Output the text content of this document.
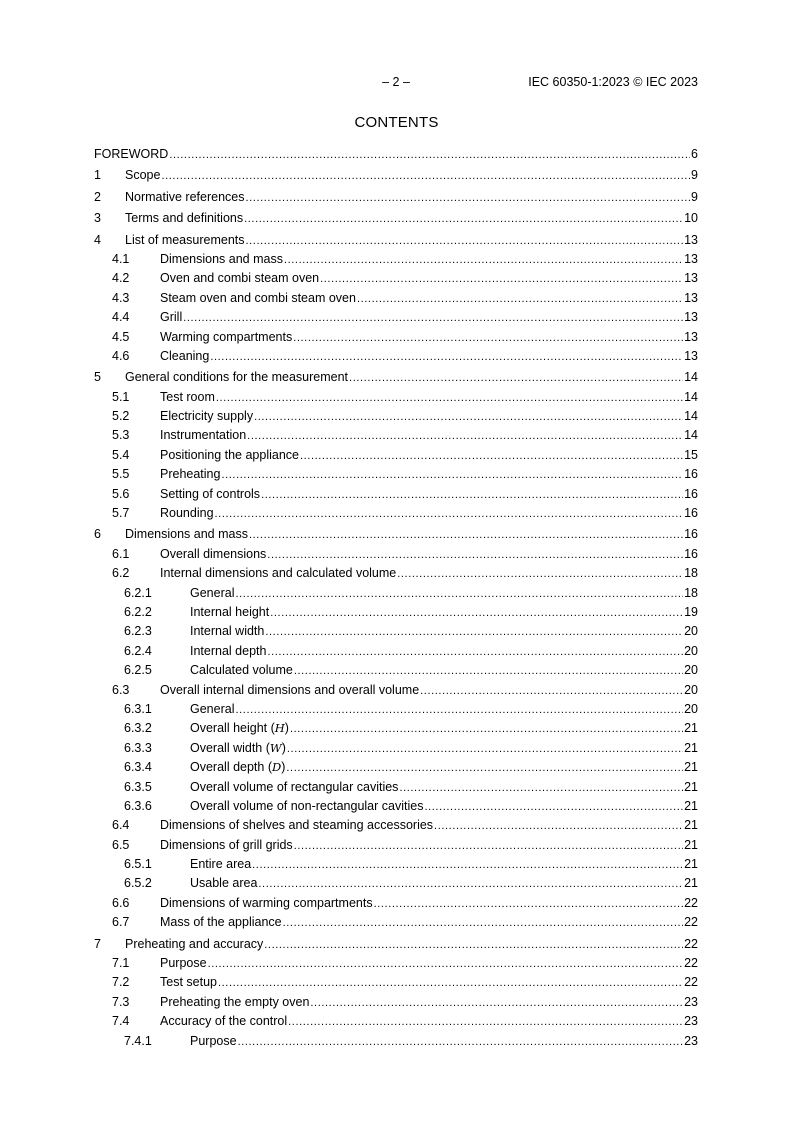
– 2 –	IEC 60350-1:2023 © IEC 2023
CONTENTS
FOREWORD .....	6
1 Scope .....	9
2 Normative references .....	9
3 Terms and definitions .....	10
4 List of measurements .....	13
4.1 Dimensions and mass .....	13
4.2 Oven and combi steam oven .....	13
4.3 Steam oven and combi steam oven .....	13
4.4 Grill .....	13
4.5 Warming compartments .....	13
4.6 Cleaning .....	13
5 General conditions for the measurement .....	14
5.1 Test room .....	14
5.2 Electricity supply .....	14
5.3 Instrumentation .....	14
5.4 Positioning the appliance .....	15
5.5 Preheating .....	16
5.6 Setting of controls .....	16
5.7 Rounding .....	16
6 Dimensions and mass .....	16
6.1 Overall dimensions .....	16
6.2 Internal dimensions and calculated volume .....	18
6.2.1	General .....	18
6.2.2	Internal height .....	19
6.2.3	Internal width .....	20
6.2.4	Internal depth .....	20
6.2.5	Calculated volume .....	20
6.3 Overall internal dimensions and overall volume .....	20
6.3.1	General .....	20
6.3.2	Overall height (H) .....	21
6.3.3	Overall width (W) .....	21
6.3.4	Overall depth (D) .....	21
6.3.5	Overall volume of rectangular cavities .....	21
6.3.6	Overall volume of non-rectangular cavities .....	21
6.4 Dimensions of shelves and steaming accessories .....	21
6.5 Dimensions of grill grids .....	21
6.5.1	Entire area .....	21
6.5.2	Usable area .....	21
6.6 Dimensions of warming compartments .....	22
6.7 Mass of the appliance .....	22
7 Preheating and accuracy .....	22
7.1 Purpose .....	22
7.2 Test setup .....	22
7.3 Preheating the empty oven .....	23
7.4 Accuracy of the control .....	23
7.4.1	Purpose .....	23
